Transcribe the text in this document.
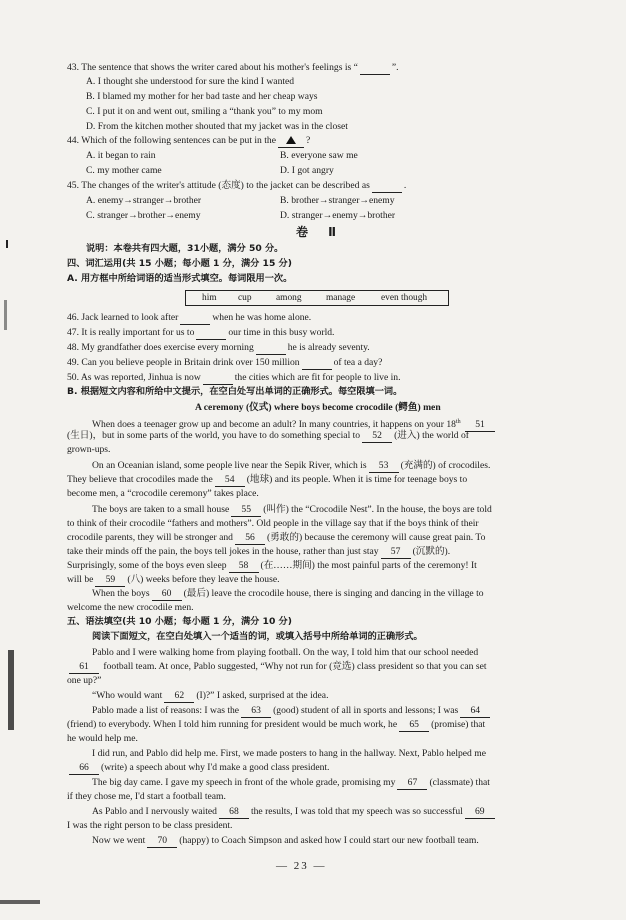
43. The sentence that shows the writer cared about his mother's feelings is “	”.
A. I thought she understood for sure the kind I wanted
B. I blamed my mother for her bad taste and her cheap ways
C. I put it on and went out, smiling a “thank you” to my mom
D. From the kitchen mother shouted that my jacket was in the closet
44. Which of the following sentences can be put in the	?
A. it began to rain	B. everyone saw me
C. my mother came	D. I got angry
45. The changes of the writer's attitude (态度) to the jacket can be described as	.
A. enemy→stranger→brother	B. brother→stranger→enemy
C. stranger→brother→enemy	D. stranger→enemy→brother
卷 Ⅱ
说明：本卷共有四大题，31小题，满分 50 分。
四、词汇运用(共 15 小题；每小题 1 分，满分 15 分)
A. 用方框中所给词语的适当形式填空。每词限用一次。
him cup	among	manage	even though
46. Jack learned to look after	when he was home alone.
47. It is really important for us to	our time in this busy world.
48. My grandfather does exercise every morning	he is already seventy.
49. Can you believe people in Britain drink over 150 million	of tea a day?
50. As was reported, Jinhua is now	the cities which are fit for people to live in.
B. 根据短文内容和所给中文提示，在空白处写出单词的正确形式。每空限填一词。
A ceremony (仪式) where boys become crocodile (鳄鱼) men
When does a teenager grow up and become an adult? In many countries, it happens on your 18th 51
(生日)，but in some parts of the world, you have to do something special to 52 (进入) the world of
grown-ups.
On an Oceanian island, some people live near the Sepik River, which is 53 (充满的) of crocodiles.
They believe that crocodiles made the 54 (地球) and its people. When it is time for teenage boys to
become men, a “crocodile ceremony” takes place.
The boys are taken to a small house 55 (叫作) the “Crocodile Nest”. In the house, the boys are told
to think of their crocodile “fathers and mothers”. Old people in the village say that if the boys think of their
crocodile parents, they will be stronger and 56 (勇敢的) because the ceremony will cause great pain. To
take their minds off the pain, the boys tell jokes in the house, rather than just stay 57 (沉默的).
Surprisingly, some of the boys even sleep 58 (在……期间) the most painful parts of the ceremony! It
will be 59 (八) weeks before they leave the house.
When the boys 60 (最后) leave the crocodile house, there is singing and dancing in the village to
welcome the new crocodile men.
五、语法填空(共 10 小题；每小题 1 分，满分 10 分)
阅读下面短文，在空白处填入一个适当的词，或填入括号中所给单词的正确形式。
Pablo and I were walking home from playing football. On the way, I told him that our school needed
61 football team. At once, Pablo suggested, “Why not run for (竞选) class president so that you can set
one up?”
“Who would want 62 (I)?” I asked, surprised at the idea.
Pablo made a list of reasons: I was the 63 (good) student of all in sports and lessons; I was 64
(friend) to everybody. When I told him running for president would be much work, he 65 (promise) that
he would help me.
I did run, and Pablo did help me. First, we made posters to hang in the hallway. Next, Pablo helped me
66 (write) a speech about why I'd make a good class president.
The big day came. I gave my speech in front of the whole grade, promising my 67 (classmate) that
if they chose me, I'd start a football team.
As Pablo and I nervously waited 68 the results, I was told that my speech was so successful 69
I was the right person to be class president.
Now we went 70 (happy) to Coach Simpson and asked how I could start our new football team.
— 23 —
